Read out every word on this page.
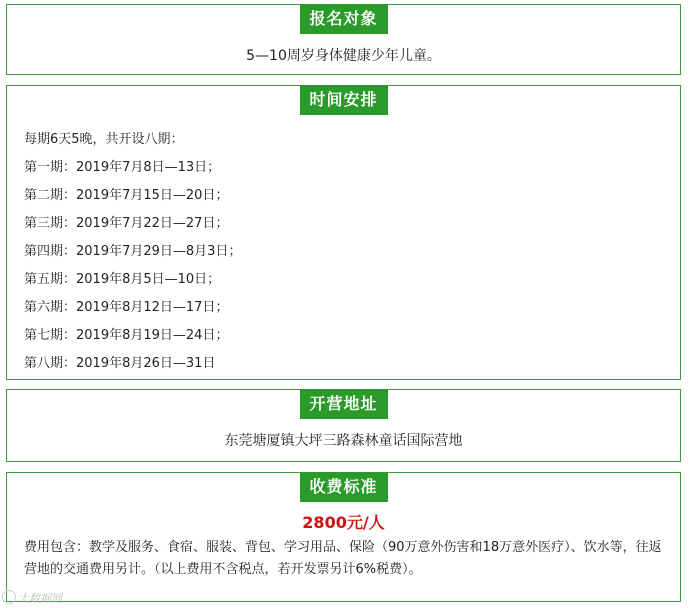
报名对象
5—10周岁身体健康少年儿童。
时间安排
每期6天5晚，共开设八期：
第一期：2019年7月8日—13日；
第二期：2019年7月15日—20日；
第三期：2019年7月22日—27日；
第四期：2019年7月29日—8月3日；
第五期：2019年8月5日—10日；
第六期：2019年8月12日—17日；
第七期：2019年8月19日—24日；
第八期：2019年8月26日—31日
开营地址
东莞塘厦镇大坪三路森林童话国际营地
收费标准
2800元/人
费用包含：教学及服务、食宿、服装、背包、学习用品、保险（90万意外伤害和18万意外医疗）、饮水等，往返营地的交通费用另计。（以上费用不含税点，若开发票另计6%税费）。
大数据网
